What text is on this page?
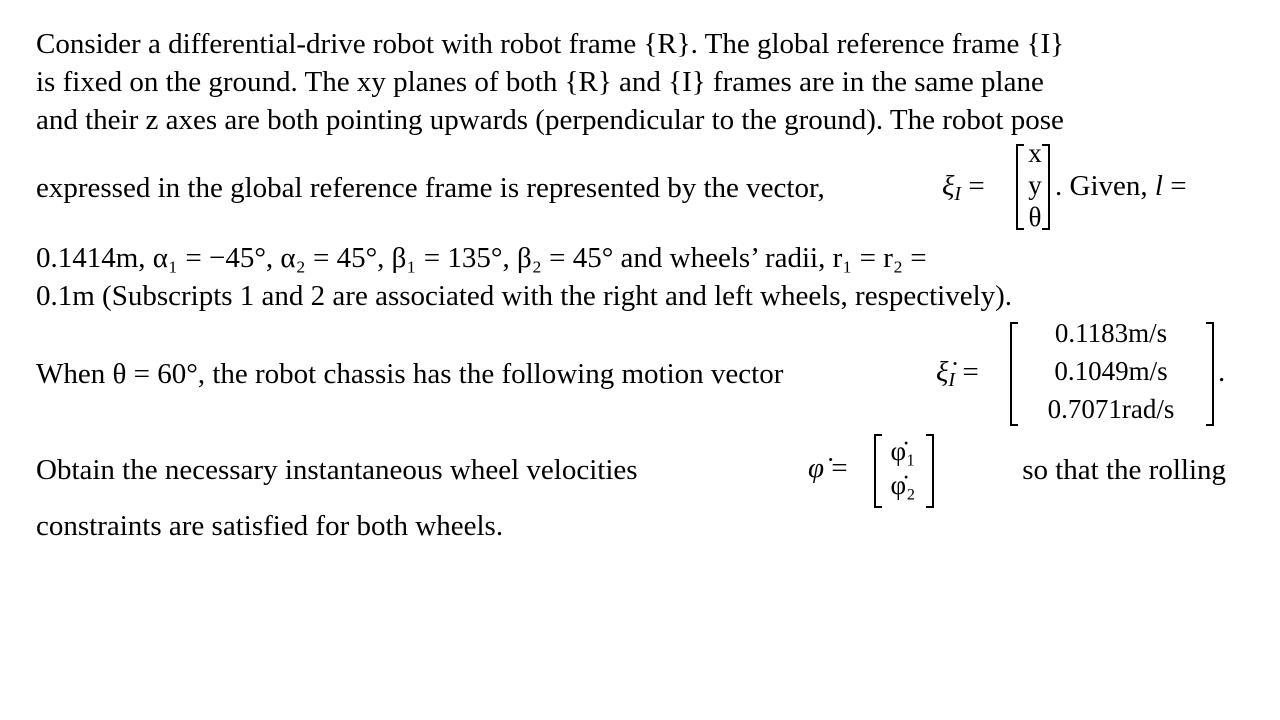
Consider a differential-drive robot with robot frame {R}. The global reference frame {I}
is fixed on the ground. The xy planes of both {R} and {I} frames are in the same plane
and their z axes are both pointing upwards (perpendicular to the ground). The robot pose
expressed in the global reference frame is represented by the vector,	$\xi_I$ =
x
y
θ
. Given, l =
0.1414m, α₁ = −45°, α₂ = 45°, β₁ = 135°, β₂ = 45° and wheels’ radii, r₁ = r₂ =
0.1m (Subscripts 1 and 2 are associated with the right and left wheels, respectively).
When θ = 60°, the robot chassis has the following motion vector	$\xi̇_I$ =
0.1183m/s
0.1049m/s
0.7071rad/s
.
Obtain the necessary instantaneous wheel velocities	so that the rolling
φ̇ =
φ̇₁
φ̇₂
constraints are satisfied for both wheels.
